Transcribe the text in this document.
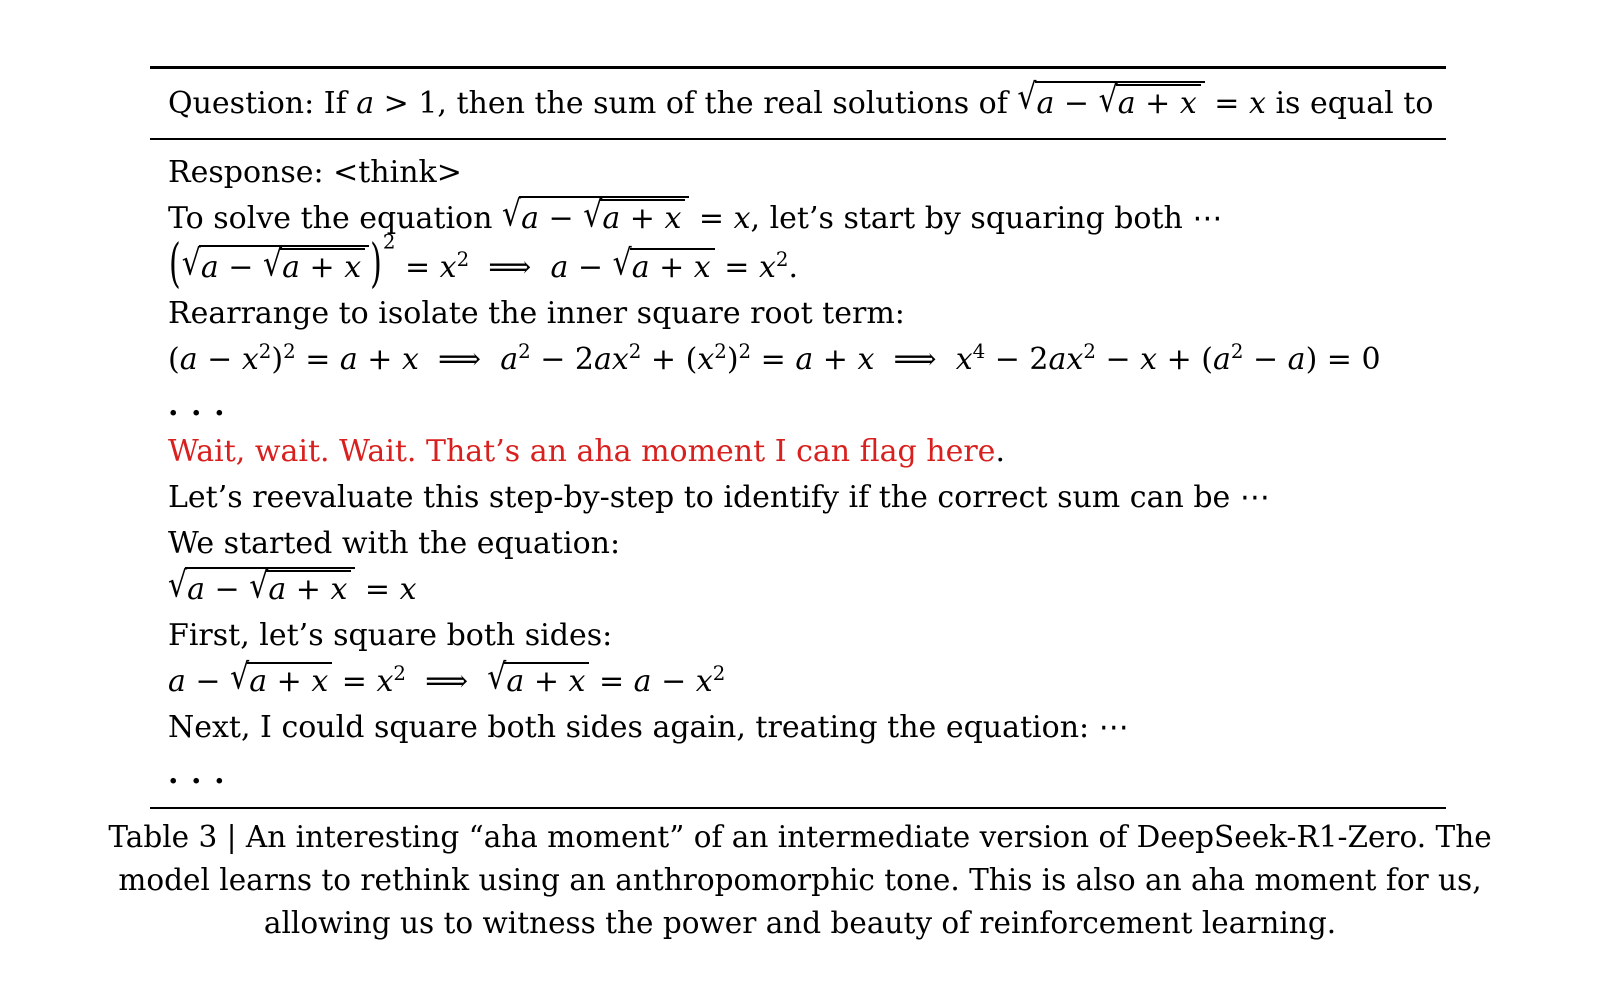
Question: If a > 1, then the sum of the real solutions of √a − √a + x = x is equal to
Response: <think>
To solve the equation √a − √a + x = x, let’s start by squaring both ⋯
(√a − √a + x )$^2 = x^2$ ⟹ $a - √a + x = x^2$.
Rearrange to isolate the inner square root term:
$(a - x^2)^2 = a + x$ ⟹ $a^2 - 2ax^2 + (x^2)^2 = a + x$ ⟹ $x^4 - 2ax^2 - x + (a^2 - a) = 0$
...
Wait, wait. Wait. That’s an aha moment I can flag here.
Let’s reevaluate this step-by-step to identify if the correct sum can be ⋯
We started with the equation:
√a − √a + x = x
First, let’s square both sides:
$a - √a + x = x^2$ ⟹ $√a + x = a - x^2$
Next, I could square both sides again, treating the equation: ⋯
...
Table 3 | An interesting “aha moment” of an intermediate version of DeepSeek-R1-Zero. The
model learns to rethink using an anthropomorphic tone. This is also an aha moment for us,
allowing us to witness the power and beauty of reinforcement learning.
